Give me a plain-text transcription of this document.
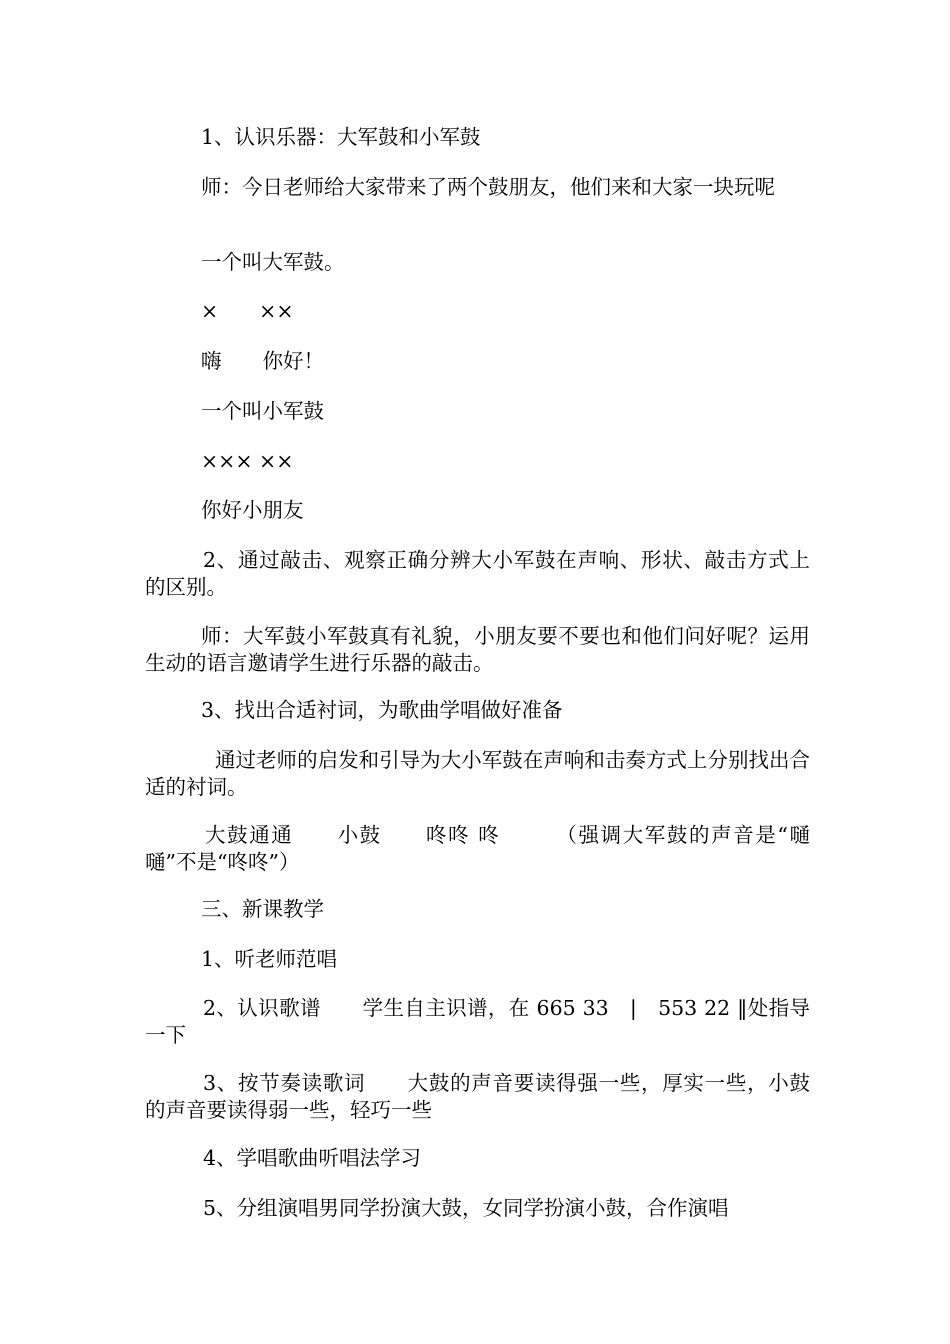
1、认识乐器：大军鼓和小军鼓

师：今日老师给大家带来了两个鼓朋友，他们来和大家一块玩呢

一个叫大军鼓。

×　　××

嗨　　你好！

一个叫小军鼓

××× ××

你好小朋友

2、通过敲击、观察正确分辨大小军鼓在声响、形状、敲击方式上的区别。

师：大军鼓小军鼓真有礼貌，小朋友要不要也和他们问好呢？运用生动的语言邀请学生进行乐器的敲击。

3、找出合适衬词，为歌曲学唱做好准备

通过老师的启发和引导为大小军鼓在声响和击奏方式上分别找出合适的衬词。

大鼓通通　　小鼓　　咚咚 咚　　　（强调大军鼓的声音是“嗵嗵”不是“咚咚”）

三、新课教学

1、听老师范唱

2、认识歌谱　　学生自主识谱，在 665 33　|　553 22 ‖处指导一下

3、按节奏读歌词　　大鼓的声音要读得强一些，厚实一些，小鼓的声音要读得弱一些，轻巧一些

4、学唱歌曲听唱法学习

5、分组演唱男同学扮演大鼓，女同学扮演小鼓，合作演唱
